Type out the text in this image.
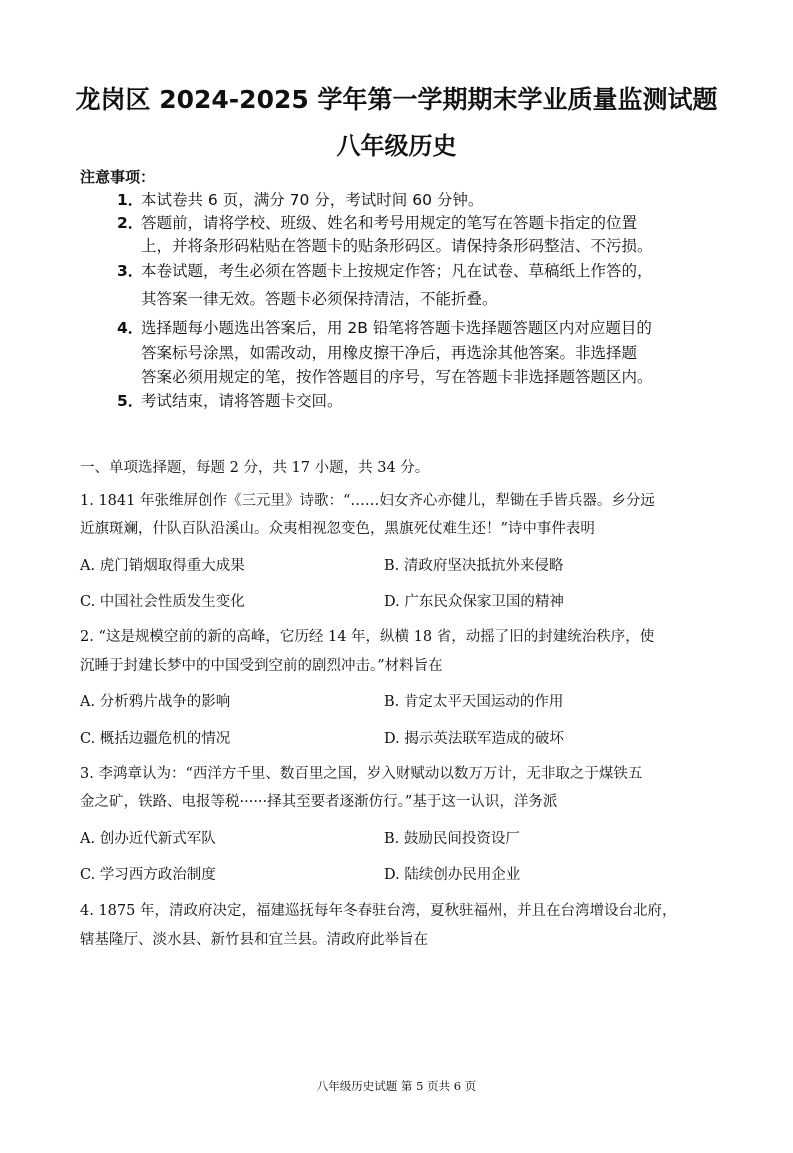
龙岗区 2024-2025 学年第一学期期末学业质量监测试题
八年级历史
注意事项：
1．
本试卷共 6 页，满分 70 分，考试时间 60 分钟。
2．
答题前，请将学校、班级、姓名和考号用规定的笔写在答题卡指定的位置
上，并将条形码粘贴在答题卡的贴条形码区。请保持条形码整洁、不污损。
3．
本卷试题，考生必须在答题卡上按规定作答；凡在试卷、草稿纸上作答的，
其答案一律无效。答题卡必须保持清洁，不能折叠。
4．
选择题每小题选出答案后，用 2B 铅笔将答题卡选择题答题区内对应题目的
答案标号涂黑，如需改动，用橡皮擦干净后，再选涂其他答案。非选择题
答案必须用规定的笔，按作答题目的序号，写在答题卡非选择题答题区内。
5．
考试结束，请将答题卡交回。
一、单项选择题，每题 2 分，共 17 小题，共 34 分。
1. 1841 年张维屏创作《三元里》诗歌：“……妇女齐心亦健儿，犁锄在手皆兵器。乡分远
近旗斑斓，什队百队沿溪山。众夷相视忽变色，黑旗死仗难生还！”诗中事件表明
A. 虎门销烟取得重大成果	B. 清政府坚决抵抗外来侵略
C. 中国社会性质发生变化	D. 广东民众保家卫国的精神
2. “这是规模空前的新的高峰，它历经 14 年，纵横 18 省，动摇了旧的封建统治秩序，使
沉睡于封建长梦中的中国受到空前的剧烈冲击。”材料旨在
A. 分析鸦片战争的影响	B. 肯定太平天国运动的作用
C. 概括边疆危机的情况	D. 揭示英法联军造成的破坏
3. 李鸿章认为：“西洋方千里、数百里之国，岁入财赋动以数万万计，无非取之于煤铁五
金之矿，铁路、电报等税······择其至要者逐渐仿行。”基于这一认识，洋务派
A. 创办近代新式军队	B. 鼓励民间投资设厂
C. 学习西方政治制度	D. 陆续创办民用企业
4. 1875 年，清政府决定，福建巡抚每年冬春驻台湾，夏秋驻福州，并且在台湾增设台北府，
辖基隆厅、淡水县、新竹县和宜兰县。清政府此举旨在
八年级历史试题 第 5 页共 6 页
